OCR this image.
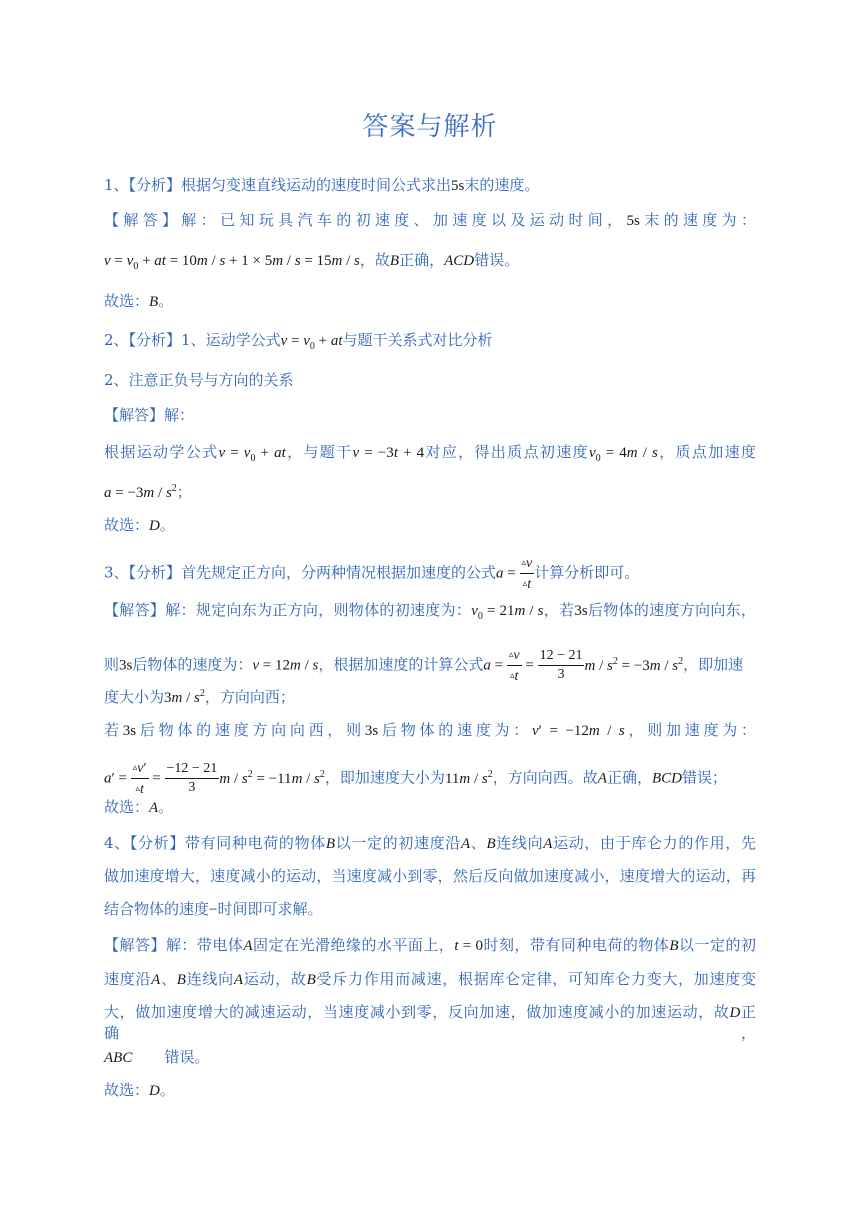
答案与解析
1、【分析】根据匀变速直线运动的速度时间公式求出5s末的速度。
【解答】解：已知玩具汽车的初速度、加速度以及运动时间，5s末的速度为：
$v = v_0$ + at = 10m / s + 1 × 5m / s = 15m / s，故B正确，ACD错误。
故选：B。
2、【分析】1、运动学公式$v = v_0$ + at与题干关系式对比分析
2、注意正负号与方向的关系
【解答】解：
根据运动学公式$v = v_0$ + at，与题干v = −3t + 4对应，得出质点初速度$v_0 = 4m / s$，质点加速度
$a = -3m / s^2$；
故选：D。
3、【分析】首先规定正方向，分两种情况根据加速度的公式$a = \frac{▵v}{▵t}$ 计算分析即可。
【解答】解：规定向东为正方向，则物体的初速度为：$v_0 = 21m / s$，若3s后物体的速度方向向东，
则3s后物体的速度为：v = 12m / s，根据加速度的计算公式$a = \frac{▵v}{▵t} = \frac{12 - 21}{3}$ $m / s^2 = -3m / s^2$，即加速
度大小为$3m / s^2$，方向向西；
若3s后物体的速度方向向西，则3s后物体的速度为：v′ = −12m / s，则加速度为：
$a' = \frac{▵v'}{▵t} = \frac{-12 - 21}{3}$ $m / s^2 = -11m / s^2$，即加速度大小为$11m / s^2$，方向向西。故A正确，BCD错误；
故选：A。
4、【分析】带有同种电荷的物体B以一定的初速度沿A、B连线向A运动，由于库仑力的作用，先
做加速度增大，速度减小的运动，当速度减小到零，然后反向做加速度减小，速度增大的运动，再
结合物体的速度−时间即可求解。
【解答】解：带电体A固定在光滑绝缘的水平面上，t = 0时刻，带有同种电荷的物体B以一定的初
速度沿A、B连线向A运动，故B受斥力作用而减速，根据库仑定律，可知库仑力变大，加速度变
大，做加速度增大的减速运动，当速度减小到零，反向加速，做加速度减小的加速运动，故D正确，
ABC 错误。
故选：D。
